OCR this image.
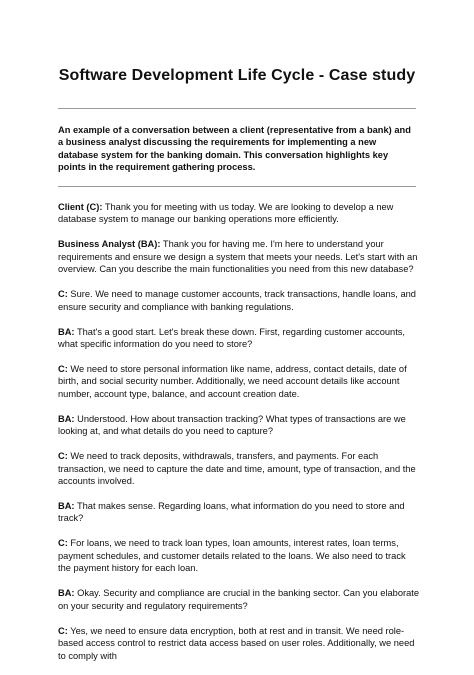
Software Development Life Cycle - Case study

An example of a conversation between a client (representative from a bank) and a business analyst discussing the requirements for implementing a new database system for the banking domain. This conversation highlights key points in the requirement gathering process.

Client (C): Thank you for meeting with us today. We are looking to develop a new database system to manage our banking operations more efficiently.

Business Analyst (BA): Thank you for having me. I'm here to understand your requirements and ensure we design a system that meets your needs. Let's start with an overview. Can you describe the main functionalities you need from this new database?

C: Sure. We need to manage customer accounts, track transactions, handle loans, and ensure security and compliance with banking regulations.

BA: That's a good start. Let's break these down. First, regarding customer accounts, what specific information do you need to store?

C: We need to store personal information like name, address, contact details, date of birth, and social security number. Additionally, we need account details like account number, account type, balance, and account creation date.

BA: Understood. How about transaction tracking? What types of transactions are we looking at, and what details do you need to capture?

C: We need to track deposits, withdrawals, transfers, and payments. For each transaction, we need to capture the date and time, amount, type of transaction, and the accounts involved.

BA: That makes sense. Regarding loans, what information do you need to store and track?

C: For loans, we need to track loan types, loan amounts, interest rates, loan terms, payment schedules, and customer details related to the loans. We also need to track the payment history for each loan.

BA: Okay. Security and compliance are crucial in the banking sector. Can you elaborate on your security and regulatory requirements?

C: Yes, we need to ensure data encryption, both at rest and in transit. We need role-based access control to restrict data access based on user roles. Additionally, we need to comply with
